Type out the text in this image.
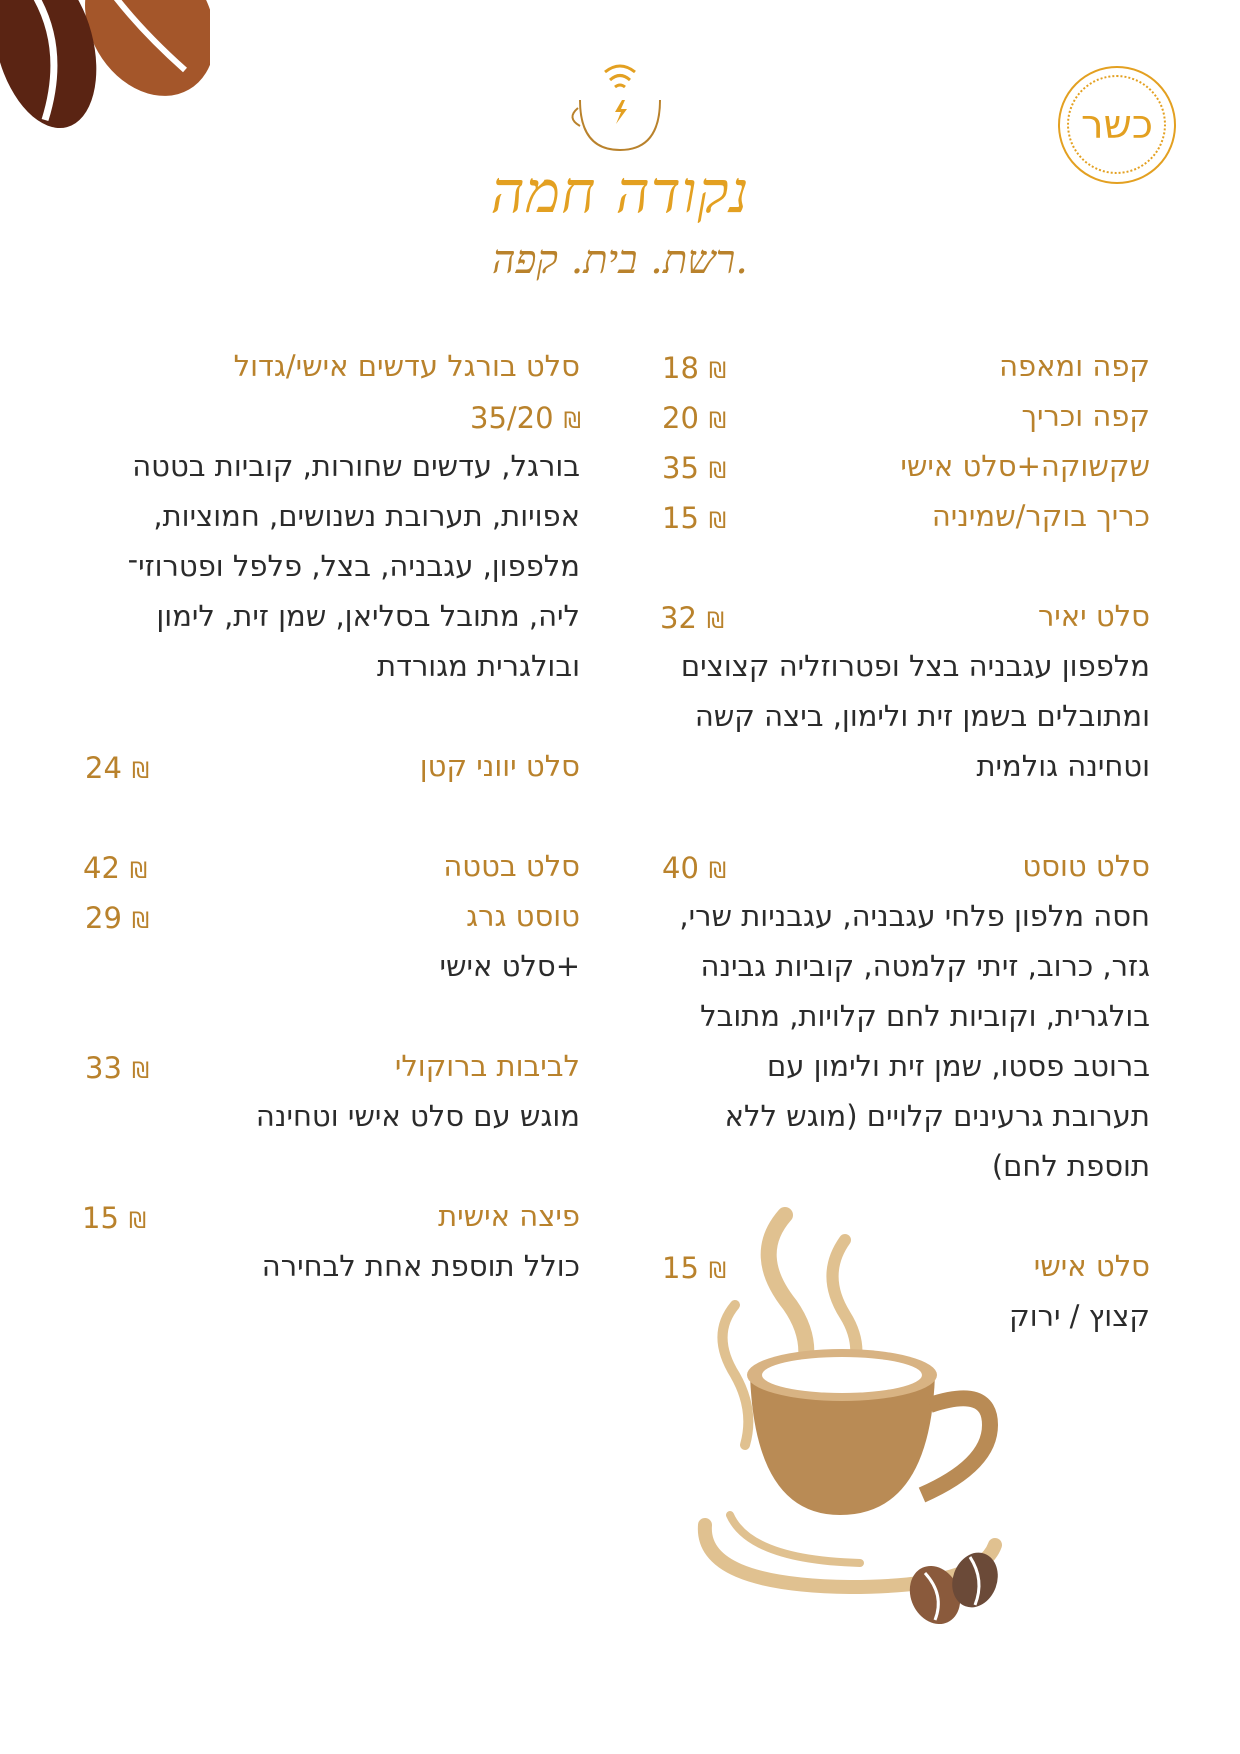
נקודה חמה
רשת. בית. קפה.
כשר
קפה ומאפה
18 ₪
קפה וכריך
20 ₪
שקשוקה+סלט אישי
35 ₪
כריך בוקר/שמיניה
15 ₪
סלט יאיר
32 ₪
מלפפון עגבניה בצל ופטרוזליה קצוצים
ומתובלים בשמן זית ולימון, ביצה קשה
וטחינה גולמית
סלט טוסט
40 ₪
חסה מלפון פלחי עגבניה, עגבניות שרי,
גזר, כרוב, זיתי קלמטה, קוביות גבינה
בולגרית, וקוביות לחם קלויות, מתובל
ברוטב פסטו, שמן זית ולימון עם
תערובת גרעינים קלויים (מוגש ללא
תוספת לחם)
סלט אישי
15 ₪
קצוץ / ירוק
סלט בורגל עדשים אישי/גדול
35/20 ₪
בורגל, עדשים שחורות, קוביות בטטה
אפויות, תערובת נשנושים, חמוציות,
מלפפון, עגבניה, בצל, פלפל ופטרוזי־
ליה, מתובל בסליאן, שמן זית, לימון
ובולגרית מגורדת
סלט יווני קטן
24 ₪
סלט בטטה
42 ₪
טוסט גרג
29 ₪
+סלט אישי
לביבות ברוקולי
33 ₪
מוגש עם סלט אישי וטחינה
פיצה אישית
15 ₪
כולל תוספת אחת לבחירה
